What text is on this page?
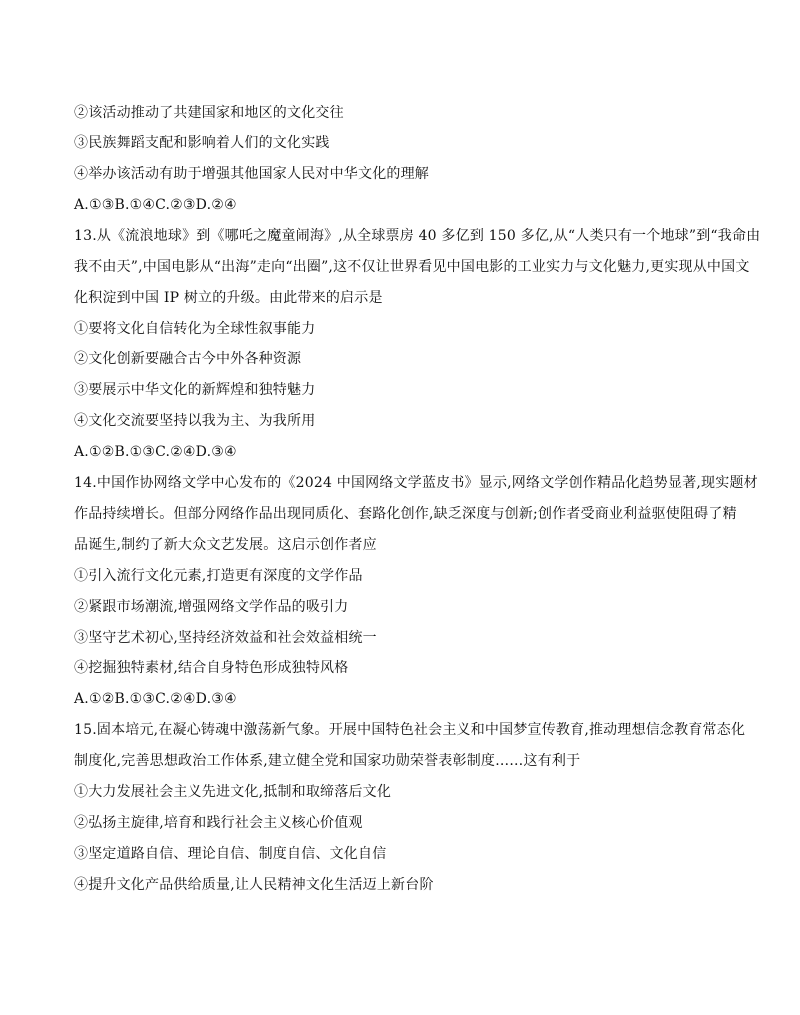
②该活动推动了共建国家和地区的文化交往
③民族舞蹈支配和影响着人们的文化实践
④举办该活动有助于增强其他国家人民对中华文化的理解
A.①③B.①④C.②③D.②④
13.从《流浪地球》到《哪吒之魔童闹海》,从全球票房 40 多亿到 150 多亿,从“人类只有一个地球”到“我命由
我不由天”,中国电影从“出海”走向“出圈”,这不仅让世界看见中国电影的工业实力与文化魅力,更实现从中国文
化积淀到中国 IP 树立的升级。由此带来的启示是
①要将文化自信转化为全球性叙事能力
②文化创新要融合古今中外各种资源
③要展示中华文化的新辉煌和独特魅力
④文化交流要坚持以我为主、为我所用
A.①②B.①③C.②④D.③④
14.中国作协网络文学中心发布的《2024 中国网络文学蓝皮书》显示,网络文学创作精品化趋势显著,现实题材
作品持续增长。但部分网络作品出现同质化、套路化创作,缺乏深度与创新;创作者受商业利益驱使阻碍了精
品诞生,制约了新大众文艺发展。这启示创作者应
①引入流行文化元素,打造更有深度的文学作品
②紧跟市场潮流,增强网络文学作品的吸引力
③坚守艺术初心,坚持经济效益和社会效益相统一
④挖掘独特素材,结合自身特色形成独特风格
A.①②B.①③C.②④D.③④
15.固本培元,在凝心铸魂中激荡新气象。开展中国特色社会主义和中国梦宣传教育,推动理想信念教育常态化
制度化,完善思想政治工作体系,建立健全党和国家功勋荣誉表彰制度……这有利于
①大力发展社会主义先进文化,抵制和取缔落后文化
②弘扬主旋律,培育和践行社会主义核心价值观
③坚定道路自信、理论自信、制度自信、文化自信
④提升文化产品供给质量,让人民精神文化生活迈上新台阶
